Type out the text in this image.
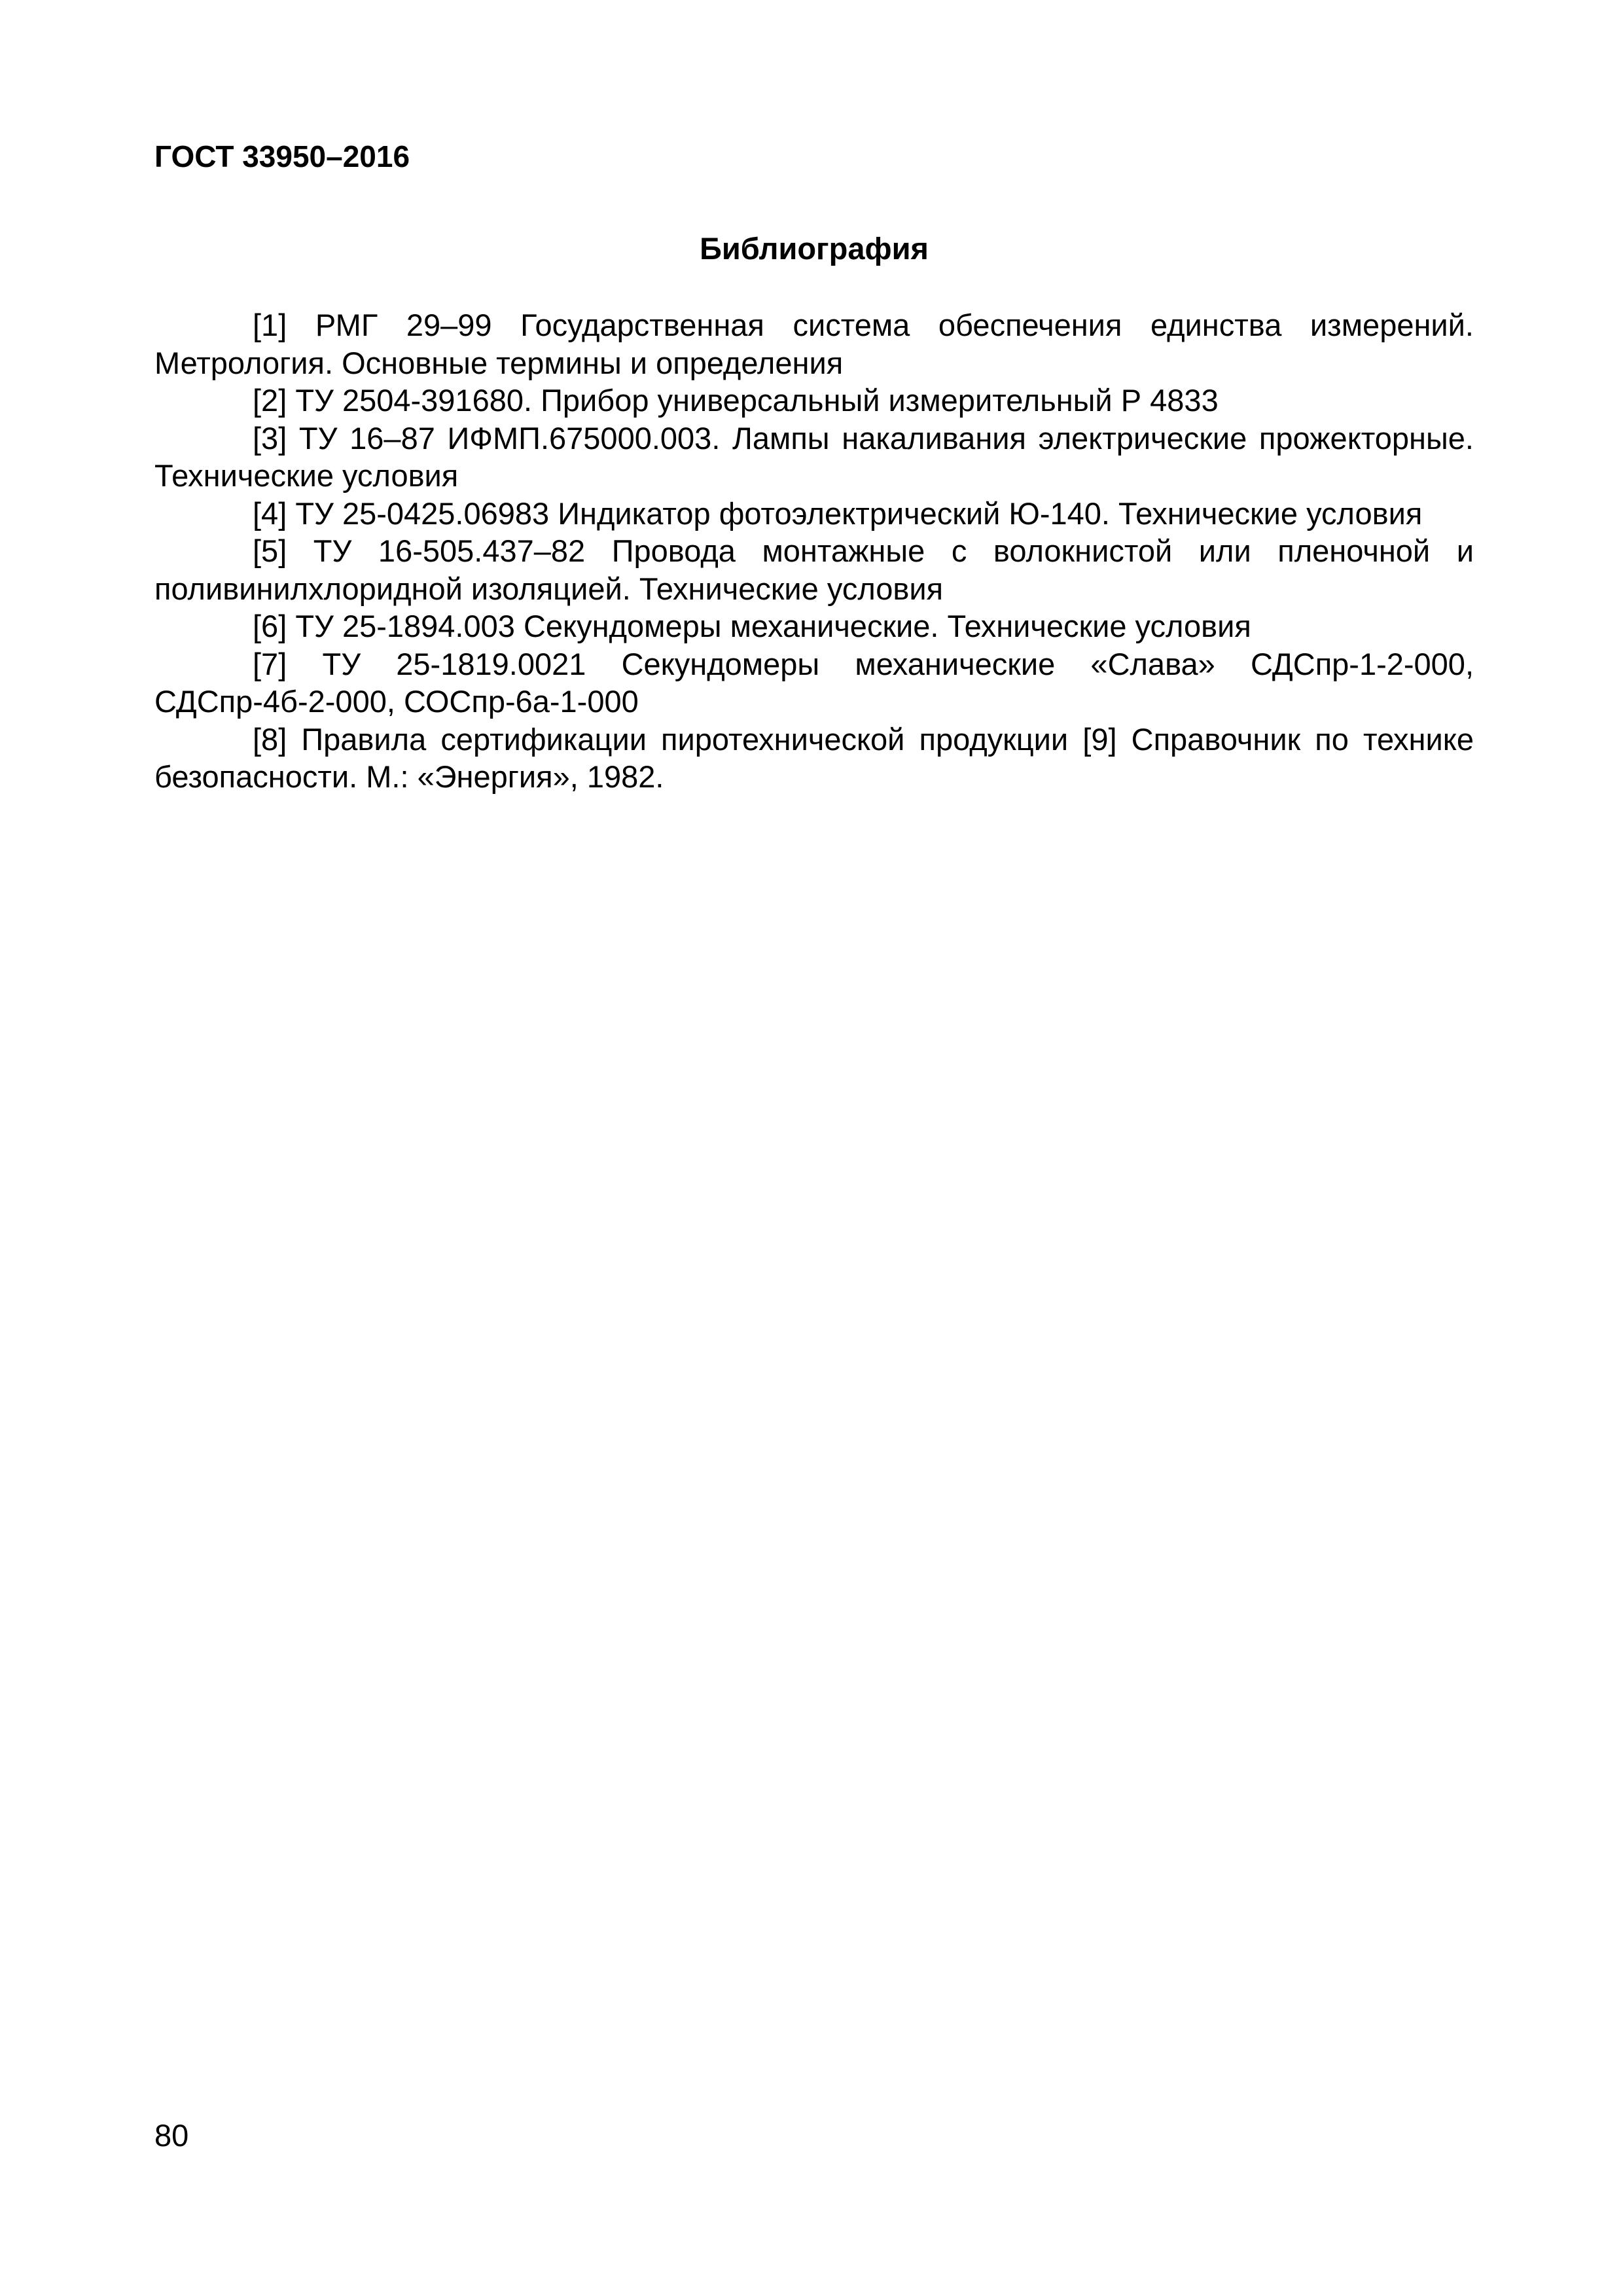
ГОСТ 33950–2016

Библиография

[1] РМГ 29–99 Государственная система обеспечения единства измерений. Метрология. Основные термины и определения

[2] ТУ 2504-391680. Прибор универсальный измерительный Р 4833

[3] ТУ 16–87 ИФМП.675000.003. Лампы накаливания электрические прожекторные. Технические условия

[4] ТУ 25-0425.06983 Индикатор фотоэлектрический Ю-140. Технические условия

[5] ТУ 16-505.437–82 Провода монтажные с волокнистой или пленочной и поливинилхлоридной изоляцией. Технические условия

[6] ТУ 25-1894.003 Секундомеры механические. Технические условия

[7] ТУ 25-1819.0021 Секундомеры механические «Слава» СДСпр-1-2-000, СДСпр-4б-2-000, СОСпр-6а-1-000

[8] Правила сертификации пиротехнической продукции [9] Справочник по технике безопасности. М.: «Энергия», 1982.

80
